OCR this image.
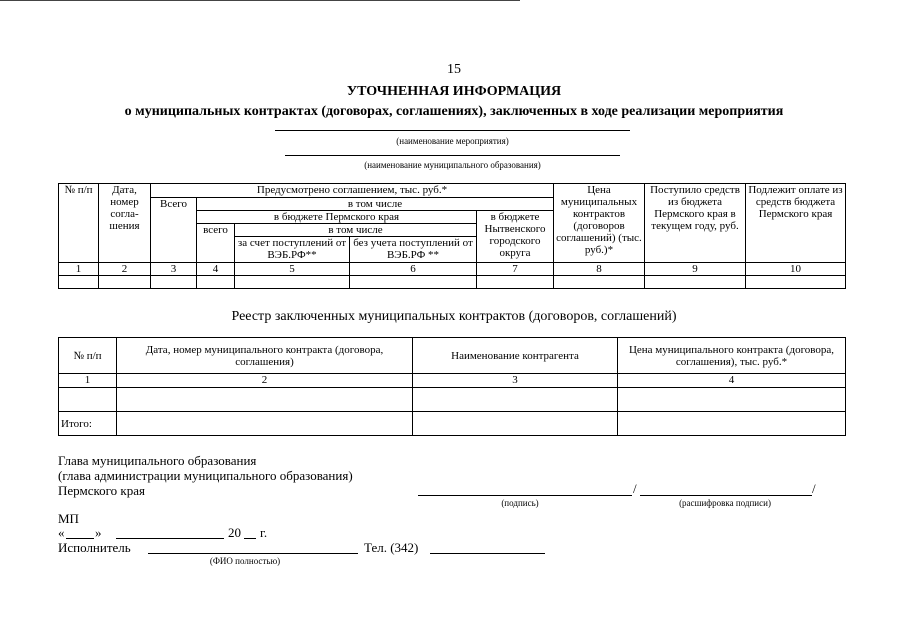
15
УТОЧНЕННАЯ ИНФОРМАЦИЯ
о муниципальных контрактах (договорах, соглашениях), заключенных в ходе реализации мероприятия
(наименование мероприятия)
(наименование муниципального образования)
№ п/п	Дата, номер согла-шения	Предусмотрено соглашением, тыс. руб.*					Цена муниципальных контрактов (договоров соглашений) (тыс. руб.)*	Поступило средств из бюджета Пермского края в текущем году, руб.	Подлежит оплате из средств бюджета Пермского края
		Всего	в том числе						
			в бюджете Пермского края			в бюджете Нытвенского городского округа			
			всего	в том числе					
				за счет поступлений от ВЭБ.РФ**	без учета поступлений от ВЭБ.РФ **				
1	2	3	4	5	6	7	8	9	10

Реестр заключенных муниципальных контрактов (договоров, соглашений)
№ п/п	Дата, номер муниципального контракта (договора, соглашения)	Наименование контрагента	Цена муниципального контракта (договора, соглашения), тыс. руб.*
1	2	3	4

Итого:			
Глава муниципального образования
(глава администрации муниципального образования)
Пермского края	/	/
(подпись)	(расшифровка подписи)
МП
« »	20 г.
Исполнитель
(ФИО полностью)
Тел. (342)
